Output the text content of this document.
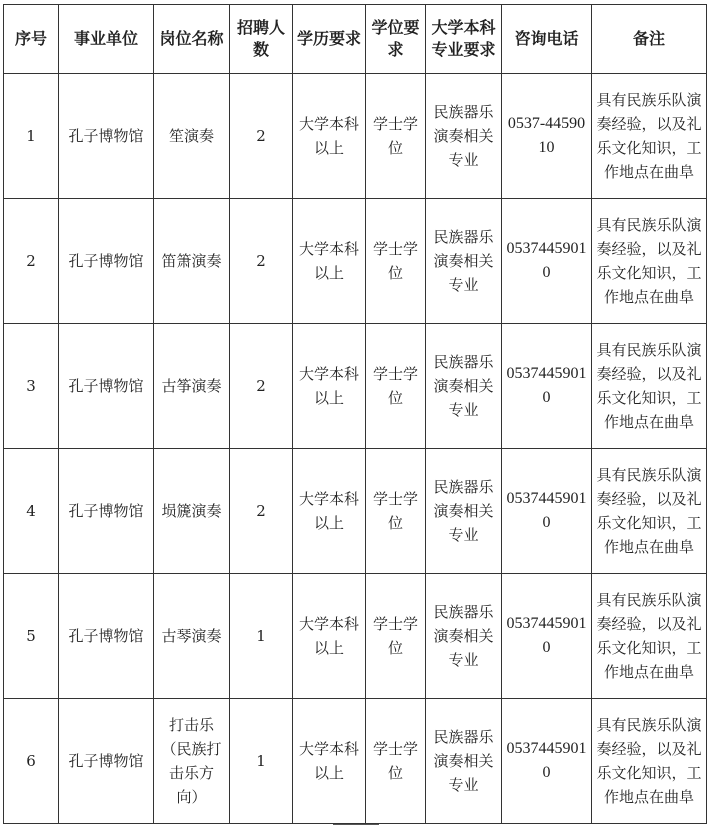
序号	事业单位	岗位名称	招聘人数	学历要求	学位要求	大学本科专业要求	咨询电话	备注
1	孔子博物馆	笙演奏	2	大学本科以上	学士学位	民族器乐演奏相关专业	0537-4459010	具有民族乐队演奏经验，以及礼乐文化知识，工作地点在曲阜
2	孔子博物馆	笛箫演奏	2	大学本科以上	学士学位	民族器乐演奏相关专业	05374459010	具有民族乐队演奏经验，以及礼乐文化知识，工作地点在曲阜
3	孔子博物馆	古筝演奏	2	大学本科以上	学士学位	民族器乐演奏相关专业	05374459010	具有民族乐队演奏经验，以及礼乐文化知识，工作地点在曲阜
4	孔子博物馆	埙篪演奏	2	大学本科以上	学士学位	民族器乐演奏相关专业	05374459010	具有民族乐队演奏经验，以及礼乐文化知识，工作地点在曲阜
5	孔子博物馆	古琴演奏	1	大学本科以上	学士学位	民族器乐演奏相关专业	05374459010	具有民族乐队演奏经验，以及礼乐文化知识，工作地点在曲阜
6	孔子博物馆	打击乐（民族打击乐方向）	1	大学本科以上	学士学位	民族器乐演奏相关专业	05374459010	具有民族乐队演奏经验，以及礼乐文化知识，工作地点在曲阜
